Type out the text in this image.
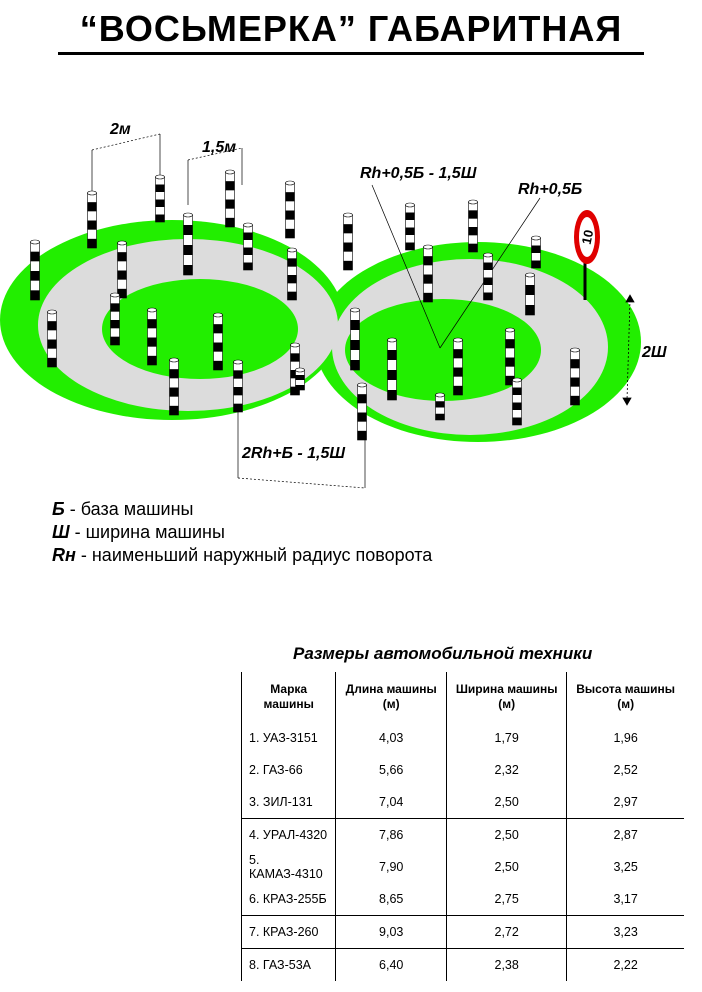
“ВОСЬМЕРКА” ГАБАРИТНАЯ
2м
1,5м
Rh+0,5Б - 1,5Ш
Rh+0,5Б
2Ш
2Rh+Б - 1,5Ш
10
Б - база машины
Ш - ширина машины
Rн - наименьший наружный радиус поворота
Размеры автомобильной техники
Марка машины	Длина машины (м)	Ширина машины (м)	Высота машины (м)
1. УАЗ-3151	4,03	1,79	1,96
2. ГАЗ-66	5,66	2,32	2,52
3. ЗИЛ-131	7,04	2,50	2,97
4. УРАЛ-4320	7,86	2,50	2,87
5. КАМАЗ-4310	7,90	2,50	3,25
6. КРАЗ-255Б	8,65	2,75	3,17
7. КРАЗ-260	9,03	2,72	3,23
8. ГАЗ-53А	6,40	2,38	2,22
